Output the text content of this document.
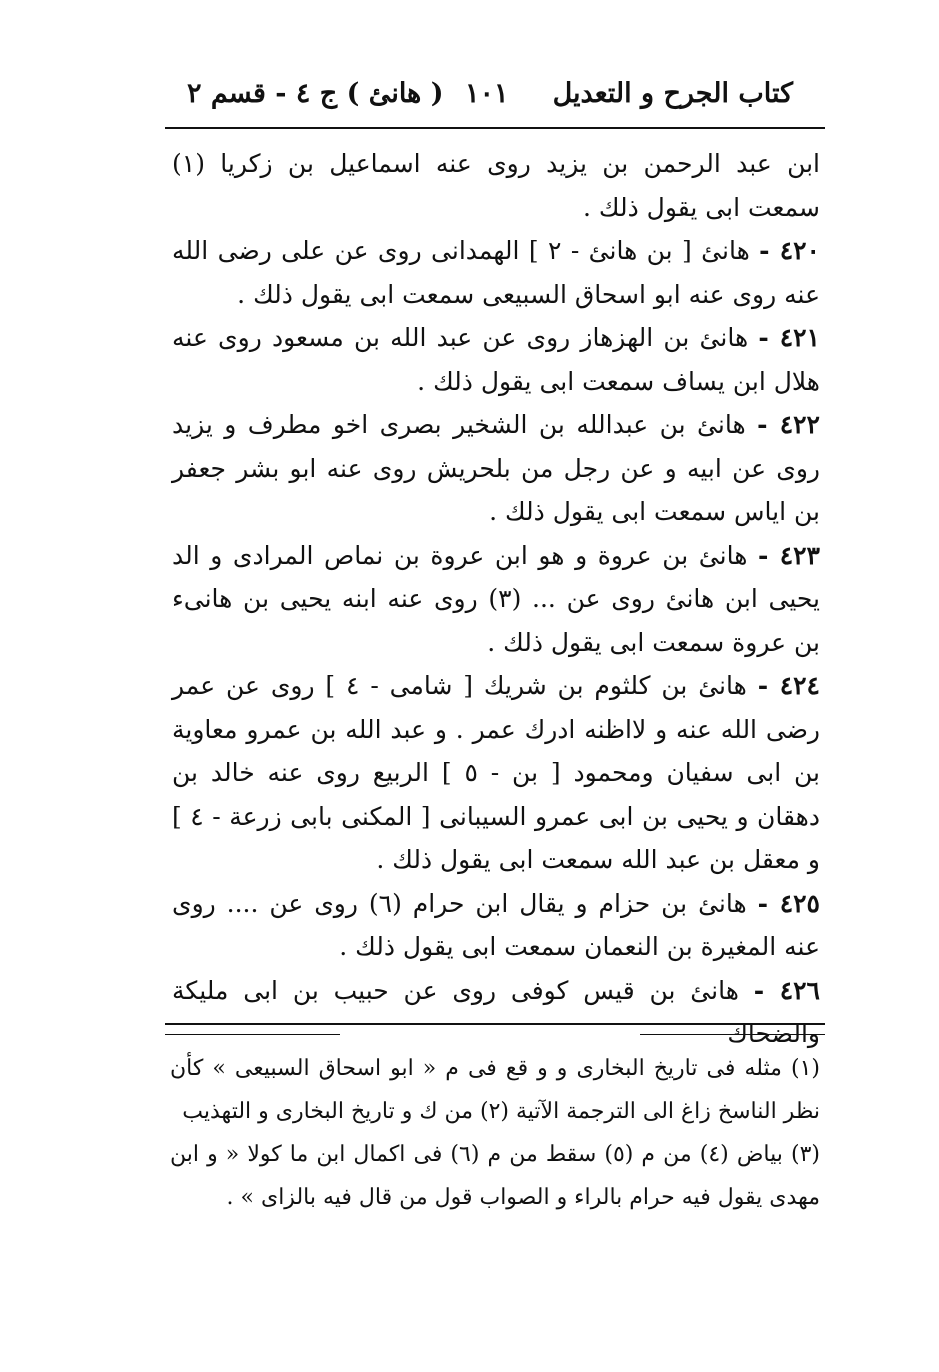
كتاب الجرح و التعديل
١٠١
( هانئ ) ج ٤ - قسم ٢

ابن عبد الرحمن بن يزيد روى عنه اسماعيل بن زكريا (١) سمعت ابى يقول ذلك .

٤٢٠ - هانئ [ بن هانئ - ٢ ] الهمدانى روى عن على رضى الله عنه روى عنه ابو اسحاق السبيعى سمعت ابى يقول ذلك .

٤٢١ - هانئ بن الهزهاز روى عن عبد الله بن مسعود روى عنه هلال ابن يساف سمعت ابى يقول ذلك .

٤٢٢ - هانئ بن عبدالله بن الشخير بصرى اخو مطرف و يزيد روى عن ابيه و عن رجل من بلحريش روى عنه ابو بشر جعفر بن اياس سمعت ابى يقول ذلك .

٤٢٣ - هانئ بن عروة و هو ابن عروة بن نماص المرادى و الد يحيى ابن هانئ روى عن ... (٣) روى عنه ابنه يحيى بن هانىء بن عروة سمعت ابى يقول ذلك .

٤٢٤ - هانئ بن كلثوم بن شريك [ شامى - ٤ ] روى عن عمر رضى الله عنه و لااظنه ادرك عمر . و عبد الله بن عمرو معاوية بن ابى سفيان ومحمود [ بن - ٥ ] الربيع روى عنه خالد بن دهقان و يحيى بن ابى عمرو السيبانى [ المكنى بابى زرعة - ٤ ] و معقل بن عبد الله سمعت ابى يقول ذلك .

٤٢٥ - هانئ بن حزام و يقال ابن حرام (٦) روى عن .... روى عنه المغيرة بن النعمان سمعت ابى يقول ذلك .

٤٢٦ - هانئ بن قيس كوفى روى عن حبيب بن ابى مليكة والضحاك

(١) مثله فى تاريخ البخارى و و قع فى م « ابو اسحاق السبيعى » كأن نظر الناسخ زاغ الى الترجمة الآتية (٢) من ك و تاريخ البخارى و التهذيب

(٣) بياض (٤) من م (٥) سقط من م (٦) فى اكمال ابن ما كولا « و ابن مهدى يقول فيه حرام بالراء و الصواب قول من قال فيه بالزاى » .
